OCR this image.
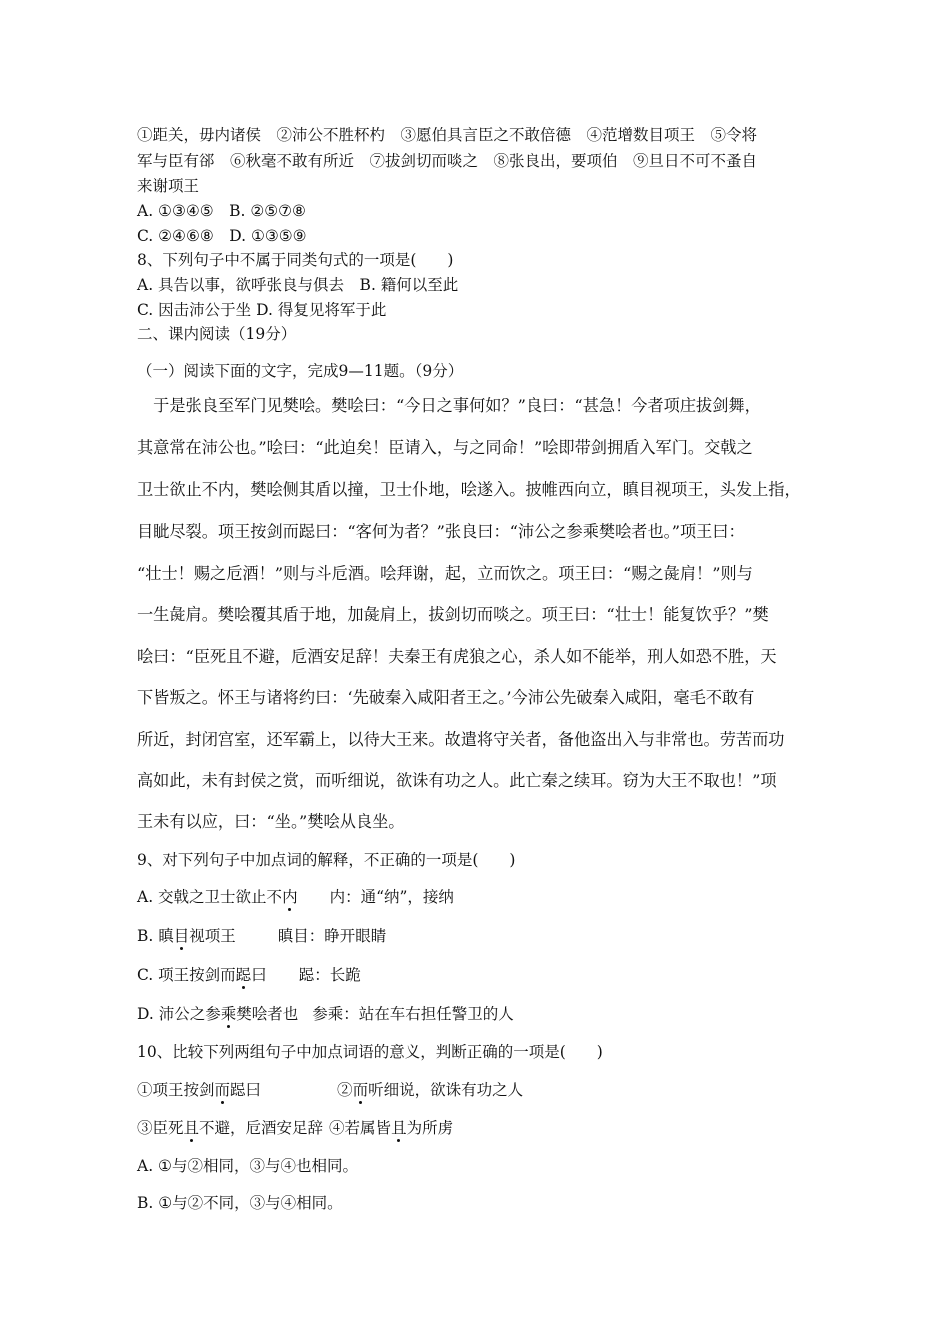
①距关，毋内诸侯　②沛公不胜杯杓　③愿伯具言臣之不敢倍德　④范增数目项王　⑤令将
军与臣有郤　⑥秋毫不敢有所近　⑦拔剑切而啖之　⑧张良出，要项伯　⑨旦日不可不蚤自
来谢项王
A. ①③④⑤　B. ②⑤⑦⑧
C. ②④⑥⑧　D. ①③⑤⑨
8、下列句子中不属于同类句式的一项是(　　)
A. 具告以事，欲呼张良与俱去　B. 籍何以至此
C. 因击沛公于坐 D. 得复见将军于此
二、课内阅读（19分）
（一）阅读下面的文字，完成9—11题。（9分）
　于是张良至军门见樊哙。樊哙曰：“今日之事何如？”良曰：“甚急！今者项庄拔剑舞，
其意常在沛公也。”哙曰：“此迫矣！臣请入，与之同命！”哙即带剑拥盾入军门。交戟之
卫士欲止不内，樊哙侧其盾以撞，卫士仆地，哙遂入。披帷西向立，瞋目视项王，头发上指，
目眦尽裂。项王按剑而跽曰：“客何为者？”张良曰：“沛公之参乘樊哙者也。”项王曰：
“壮士！赐之卮酒！”则与斗卮酒。哙拜谢，起，立而饮之。项王曰：“赐之彘肩！”则与
一生彘肩。樊哙覆其盾于地，加彘肩上，拔剑切而啖之。项王曰：“壮士！能复饮乎？”樊
哙曰：“臣死且不避，卮酒安足辞！夫秦王有虎狼之心，杀人如不能举，刑人如恐不胜，天
下皆叛之。怀王与诸将约曰：‘先破秦入咸阳者王之。’今沛公先破秦入咸阳，毫毛不敢有
所近，封闭宫室，还军霸上，以待大王来。故遣将守关者，备他盗出入与非常也。劳苦而功
高如此，未有封侯之赏，而听细说，欲诛有功之人。此亡秦之续耳。窃为大王不取也！”项
王未有以应，曰：“坐。”樊哙从良坐。
9、对下列句子中加点词的解释，不正确的一项是(　　)
A. 交戟之卫士欲止不内 内：通“纳”，接纳
B. 瞋目视项王	瞋目：睁开眼睛
C. 项王按剑而跽曰 跽：长跪
D. 沛公之参乘樊哙者也 参乘：站在车右担任警卫的人
10、比较下列两组句子中加点词语的意义，判断正确的一项是(　　)
①项王按剑而跽曰	②而听细说，欲诛有功之人
③臣死且不避，卮酒安足辞 ④若属皆且为所虏
A. ①与②相同，③与④也相同。
B. ①与②不同，③与④相同。
